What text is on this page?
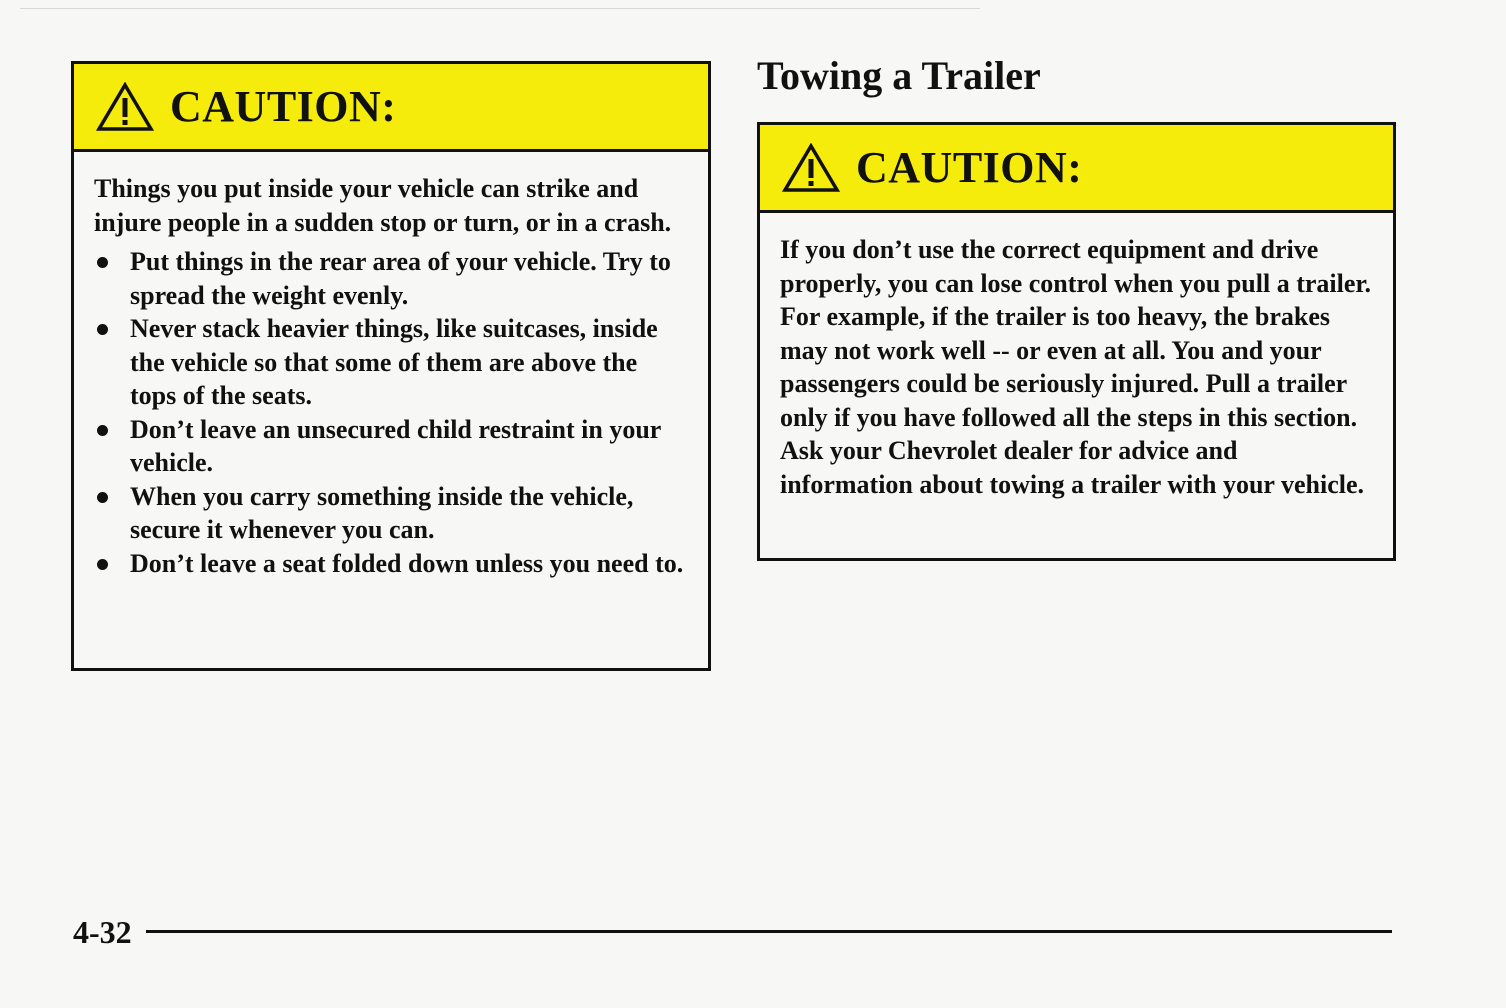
CAUTION:

Things you put inside your vehicle can strike and injure people in a sudden stop or turn, or in a crash.

Put things in the rear area of your vehicle. Try to spread the weight evenly.
Never stack heavier things, like suitcases, inside the vehicle so that some of them are above the tops of the seats.
Don’t leave an unsecured child restraint in your vehicle.
When you carry something inside the vehicle, secure it whenever you can.
Don’t leave a seat folded down unless you need to.
Towing a Trailer
CAUTION:

If you don’t use the correct equipment and drive properly, you can lose control when you pull a trailer. For example, if the trailer is too heavy, the brakes may not work well -- or even at all. You and your passengers could be seriously injured. Pull a trailer only if you have followed all the steps in this section. Ask your Chevrolet dealer for advice and information about towing a trailer with your vehicle.

4-32
